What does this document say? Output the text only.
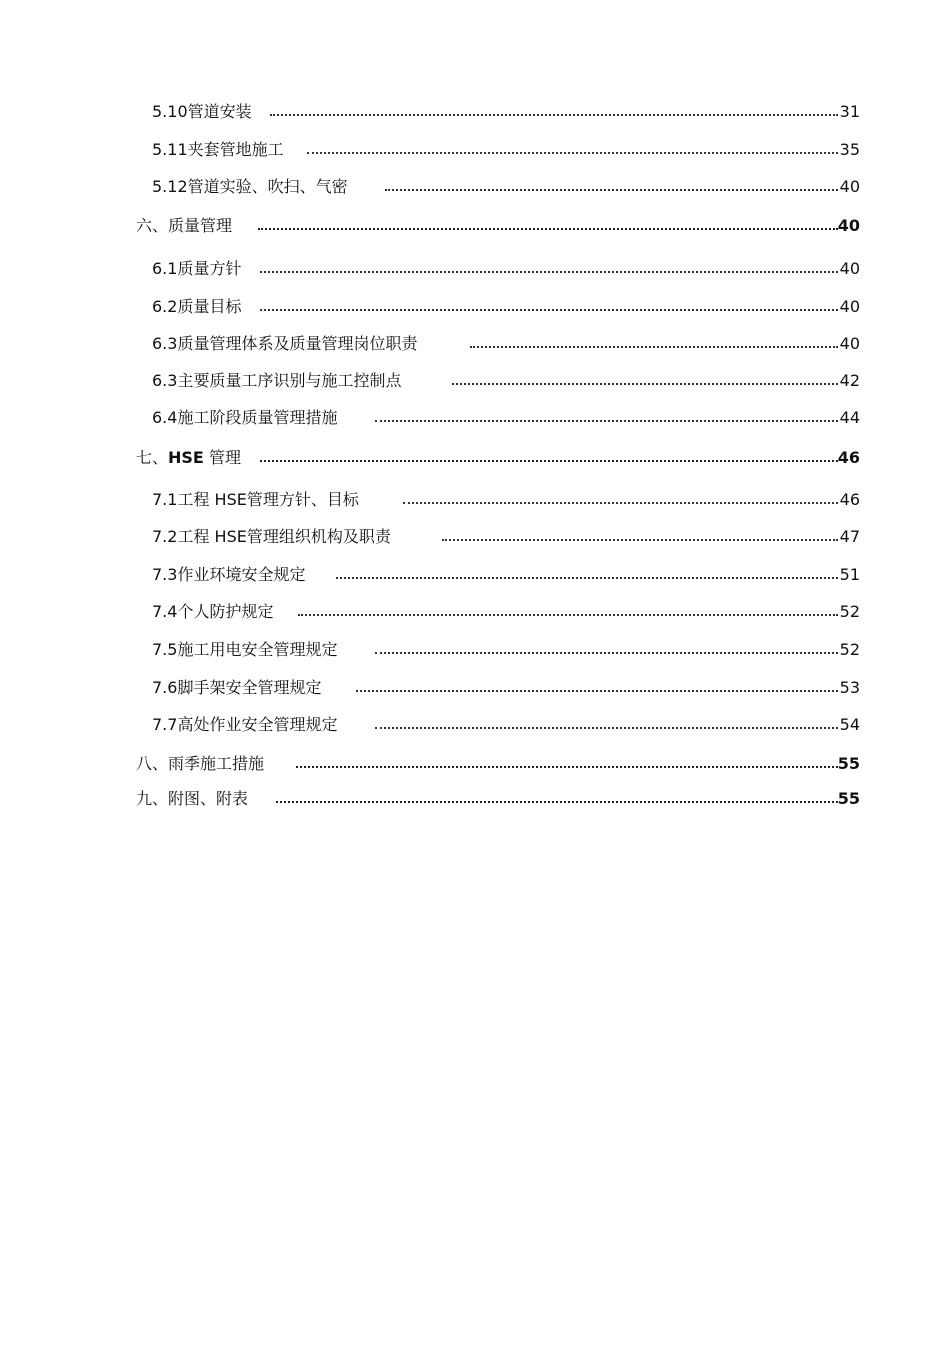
5.10管道安装	31
5.11夹套管地施工	35
5.12管道实验、吹扫、气密	40
六、质量管理	40
6.1质量方针	40
6.2质量目标	40
6.3质量管理体系及质量管理岗位职责	40
6.3主要质量工序识别与施工控制点	42
6.4施工阶段质量管理措施	44
七、HSE 管理	46
7.1工程 HSE管理方针、目标	46
7.2工程 HSE管理组织机构及职责	47
7.3作业环境安全规定	51
7.4个人防护规定	52
7.5施工用电安全管理规定	52
7.6脚手架安全管理规定	53
7.7高处作业安全管理规定	54
八、雨季施工措施	55
九、附图、附表	55
